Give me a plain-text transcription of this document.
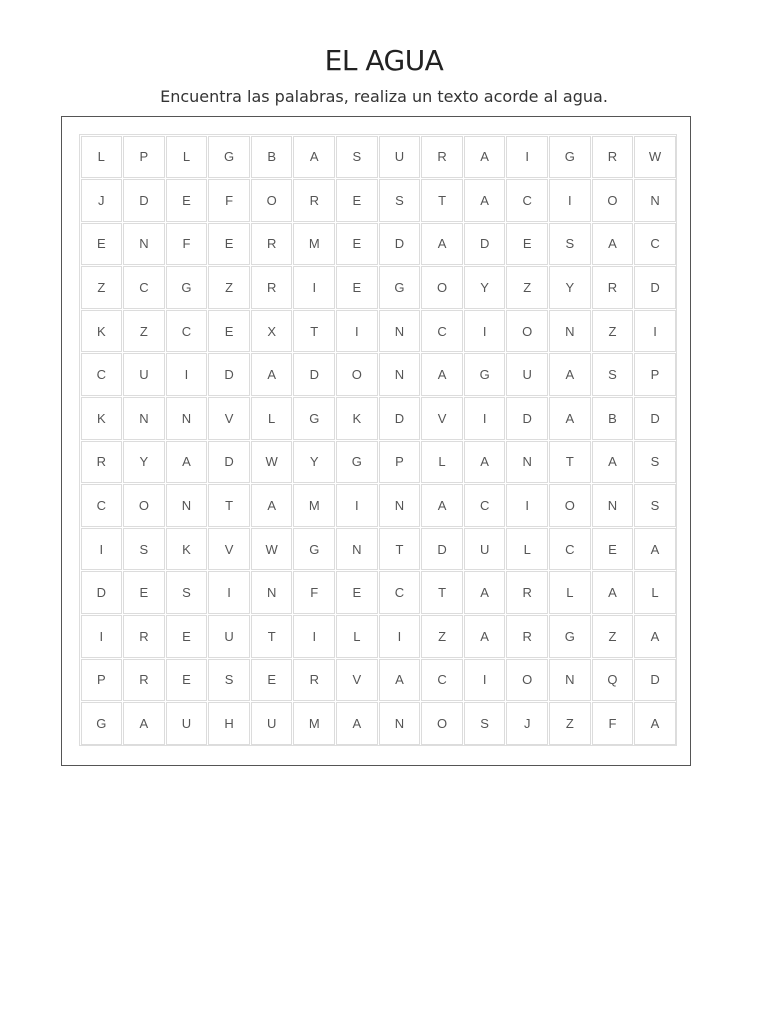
EL AGUA
Encuentra las palabras, realiza un texto acorde al agua.
L	P	L	G	B	A	S	U	R	A	I	G	R	W
J	D	E	F	O	R	E	S	T	A	C	I	O	N
E	N	F	E	R	M	E	D	A	D	E	S	A	C
Z	C	G	Z	R	I	E	G	O	Y	Z	Y	R	D
K	Z	C	E	X	T	I	N	C	I	O	N	Z	I
C	U	I	D	A	D	O	N	A	G	U	A	S	P
K	N	N	V	L	G	K	D	V	I	D	A	B	D
R	Y	A	D	W	Y	G	P	L	A	N	T	A	S
C	O	N	T	A	M	I	N	A	C	I	O	N	S
I	S	K	V	W	G	N	T	D	U	L	C	E	A
D	E	S	I	N	F	E	C	T	A	R	L	A	L
I	R	E	U	T	I	L	I	Z	A	R	G	Z	A
P	R	E	S	E	R	V	A	C	I	O	N	Q	D
G	A	U	H	U	M	A	N	O	S	J	Z	F	A
